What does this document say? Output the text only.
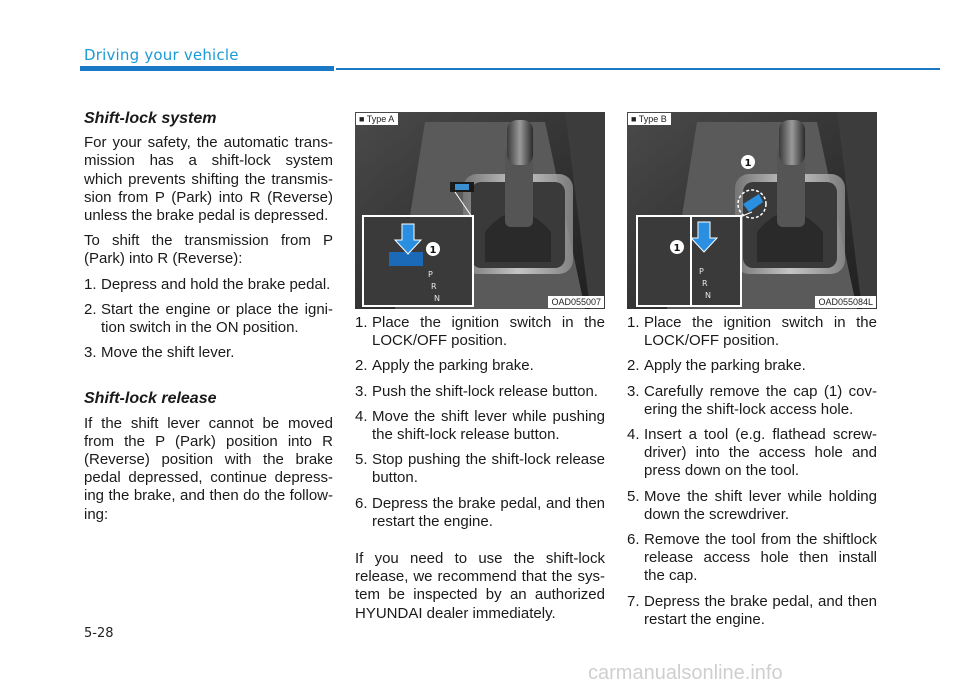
Driving your vehicle
Shift-lock system
For your safety, the automatic trans-mission has a shift-lock system which prevents shifting the transmis-sion from P (Park) into R (Reverse) unless the brake pedal is depressed.
To shift the transmission from P (Park) into R (Reverse):
1. Depress and hold the brake pedal.
2. Start the engine or place the igni-tion switch in the ON position.
3. Move the shift lever.
Shift-lock release
If the shift lever cannot be moved from the P (Park) position into R (Reverse) position with the brake pedal depressed, continue depress-ing the brake, and then do the follow-ing:
P
R
N
1
■ Type A
OAD055007
1
P
R
N
1
■ Type B
OAD055084L
1. Place the ignition switch in the LOCK/OFF position.
2. Apply the parking brake.
3. Push the shift-lock release button.
4. Move the shift lever while pushing the shift-lock release button.
5. Stop pushing the shift-lock release button.
6. Depress the brake pedal, and then restart the engine.
If you need to use the shift-lock release, we recommend that the sys-tem be inspected by an authorized HYUNDAI dealer immediately.
1. Place the ignition switch in the LOCK/OFF position.
2. Apply the parking brake.
3. Carefully remove the cap (1) cov-ering the shift-lock access hole.
4. Insert a tool (e.g. flathead screw-driver) into the access hole and press down on the tool.
5. Move the shift lever while holding down the screwdriver.
6. Remove the tool from the shiftlock release access hole then install the cap.
7. Depress the brake pedal, and then restart the engine.
5-28
carmanualsonline.info
